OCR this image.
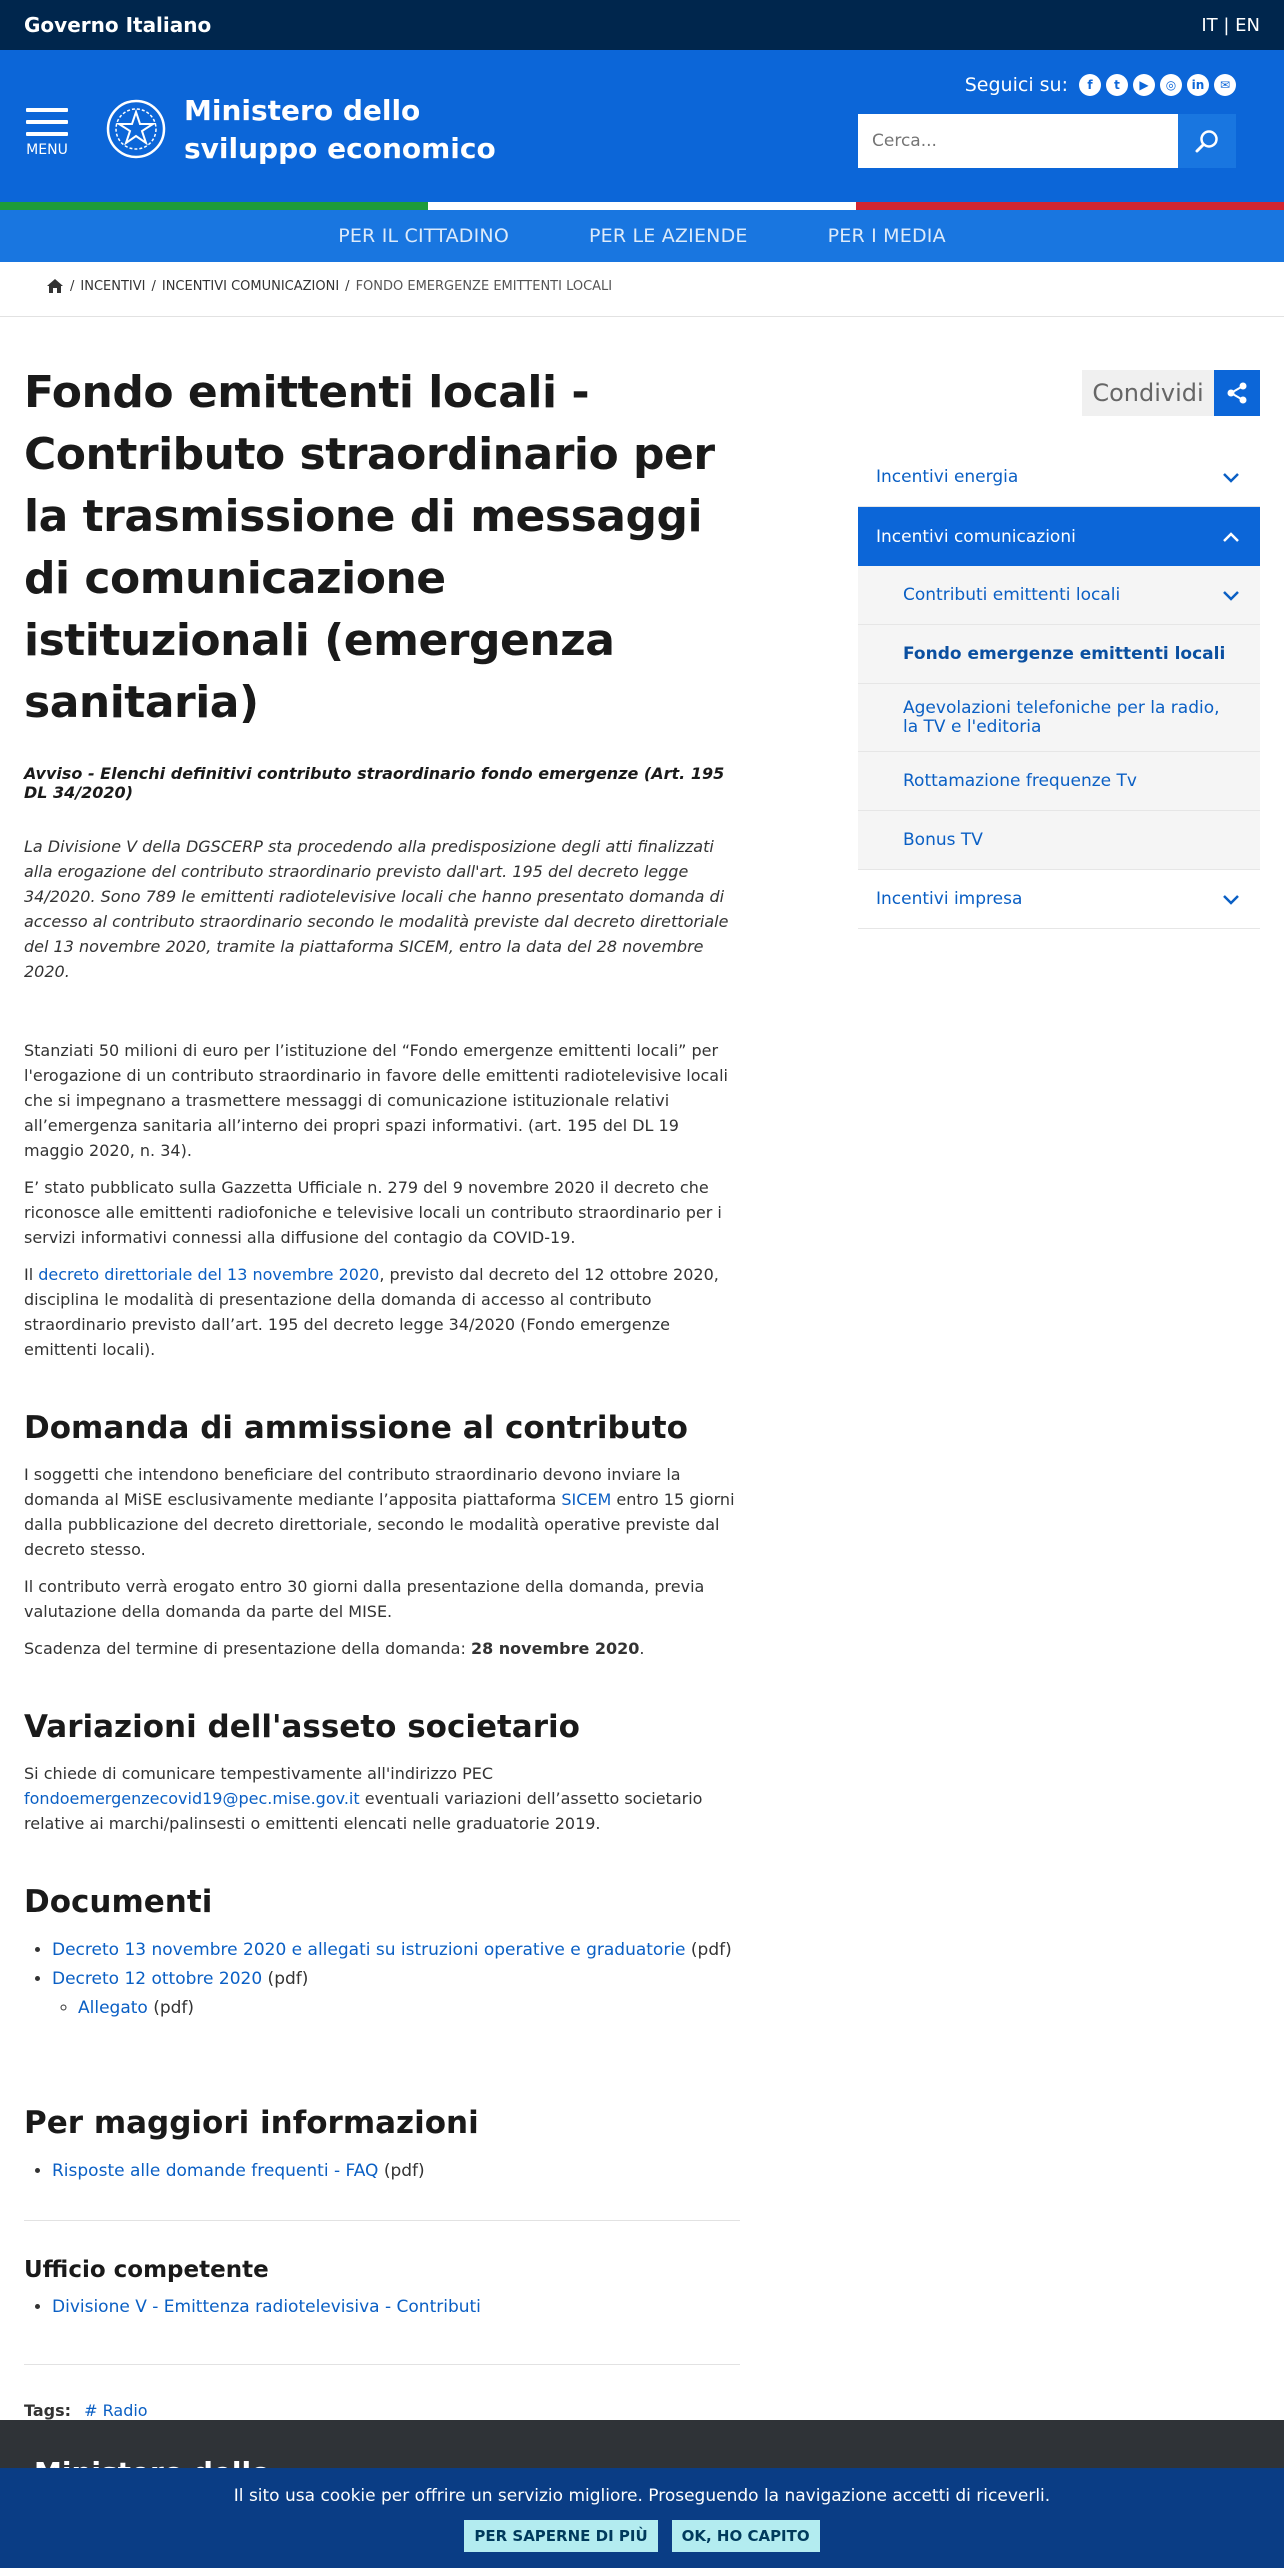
Governo Italiano	IT | EN
MENU
Ministero dello
sviluppo economico
Seguici su:	f	t	▶	◎	in	✉
Cerca...
PER IL CITTADINO	PER LE AZIENDE	PER I MEDIA
/ INCENTIVI / INCENTIVI COMUNICAZIONI / FONDO EMERGENZE EMITTENTI LOCALI
Fondo emittenti locali - Contributo straordinario per la trasmissione di messaggi di comunicazione istituzionali (emergenza sanitaria)
Avviso - Elenchi definitivi contributo straordinario fondo emergenze (Art. 195 DL 34/2020)
La Divisione V della DGSCERP sta procedendo alla predisposizione degli atti finalizzati alla erogazione del contributo straordinario previsto dall'art. 195 del decreto legge 34/2020. Sono 789 le emittenti radiotelevisive locali che hanno presentato domanda di accesso al contributo straordinario secondo le modalità previste dal decreto direttoriale del 13 novembre 2020, tramite la piattaforma SICEM, entro la data del 28 novembre 2020.

Stanziati 50 milioni di euro per l’istituzione del “Fondo emergenze emittenti locali” per l'erogazione di un contributo straordinario in favore delle emittenti radiotelevisive locali che si impegnano a trasmettere messaggi di comunicazione istituzionale relativi all’emergenza sanitaria all’interno dei propri spazi informativi. (art. 195 del DL 19 maggio 2020, n. 34).

E’ stato pubblicato sulla Gazzetta Ufficiale n. 279 del 9 novembre 2020 il decreto che riconosce alle emittenti radiofoniche e televisive locali un contributo straordinario per i servizi informativi connessi alla diffusione del contagio da COVID-19.

Il decreto direttoriale del 13 novembre 2020, previsto dal decreto del 12 ottobre 2020, disciplina le modalità di presentazione della domanda di accesso al contributo straordinario previsto dall’art. 195 del decreto legge 34/2020 (Fondo emergenze emittenti locali).

Domanda di ammissione al contributo

I soggetti che intendono beneficiare del contributo straordinario devono inviare la domanda al MiSE esclusivamente mediante l’apposita piattaforma SICEM entro 15 giorni dalla pubblicazione del decreto direttoriale, secondo le modalità operative previste dal decreto stesso.

Il contributo verrà erogato entro 30 giorni dalla presentazione della domanda, previa valutazione della domanda da parte del MISE.

Scadenza del termine di presentazione della domanda: 28 novembre 2020.

Variazioni dell'asseto societario

Si chiede di comunicare tempestivamente all'indirizzo PEC fondoemergenzecovid19@pec.mise.gov.it eventuali variazioni dell’assetto societario relative ai marchi/palinsesti o emittenti elencati nelle graduatorie 2019.

Documenti
• Decreto 13 novembre 2020 e allegati su istruzioni operative e graduatorie (pdf)
• Decreto 12 ottobre 2020 (pdf)
◦ Allegato (pdf)
Per maggiori informazioni
• Risposte alle domande frequenti - FAQ (pdf)
Ufficio competente
• Divisione V - Emittenza radiotelevisiva - Contributi
Tags: # Radio
Condividi
Incentivi energia
Incentivi comunicazioni
Contributi emittenti locali
Fondo emergenze emittenti locali
Agevolazioni telefoniche per la radio, la TV e l'editoria
Rottamazione frequenze Tv
Bonus TV
Incentivi impresa
Il sito usa cookie per offrire un servizio migliore. Proseguendo la navigazione accetti di riceverli.
PER SAPERNE DI PIÙ	OK, HO CAPITO
